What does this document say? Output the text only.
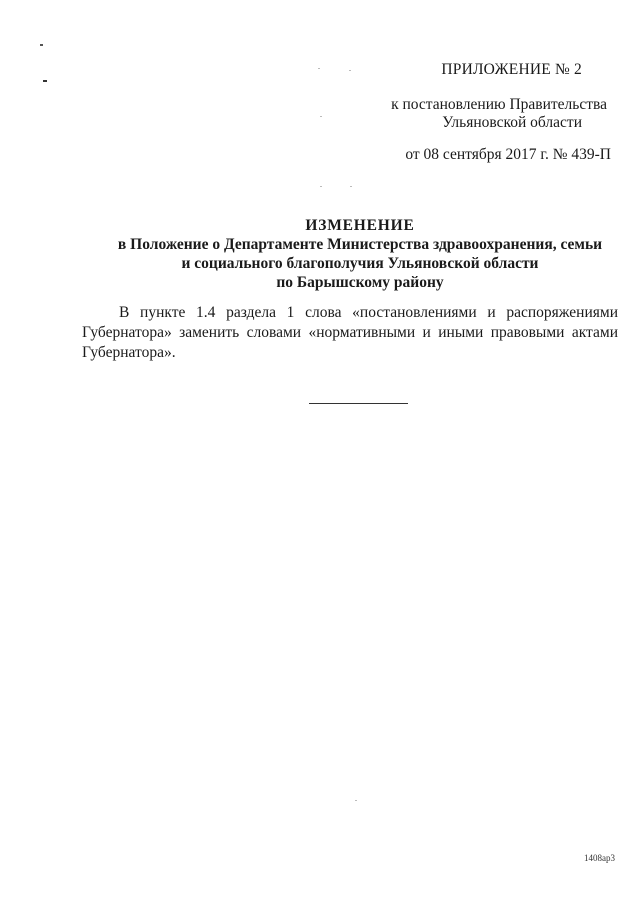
ПРИЛОЖЕНИЕ № 2
к постановлению Правительства
Ульяновской области
от 08 сентября 2017 г. № 439-П
ИЗМЕНЕНИЕ
в Положение о Департаменте Министерства здравоохранения, семьи
и социального благополучия Ульяновской области
по Барышскому району
В пункте 1.4 раздела 1 слова «постановлениями и распоряжениями Губернатора» заменить словами «нормативными и иными правовыми актами Губернатора».
1408ap3
